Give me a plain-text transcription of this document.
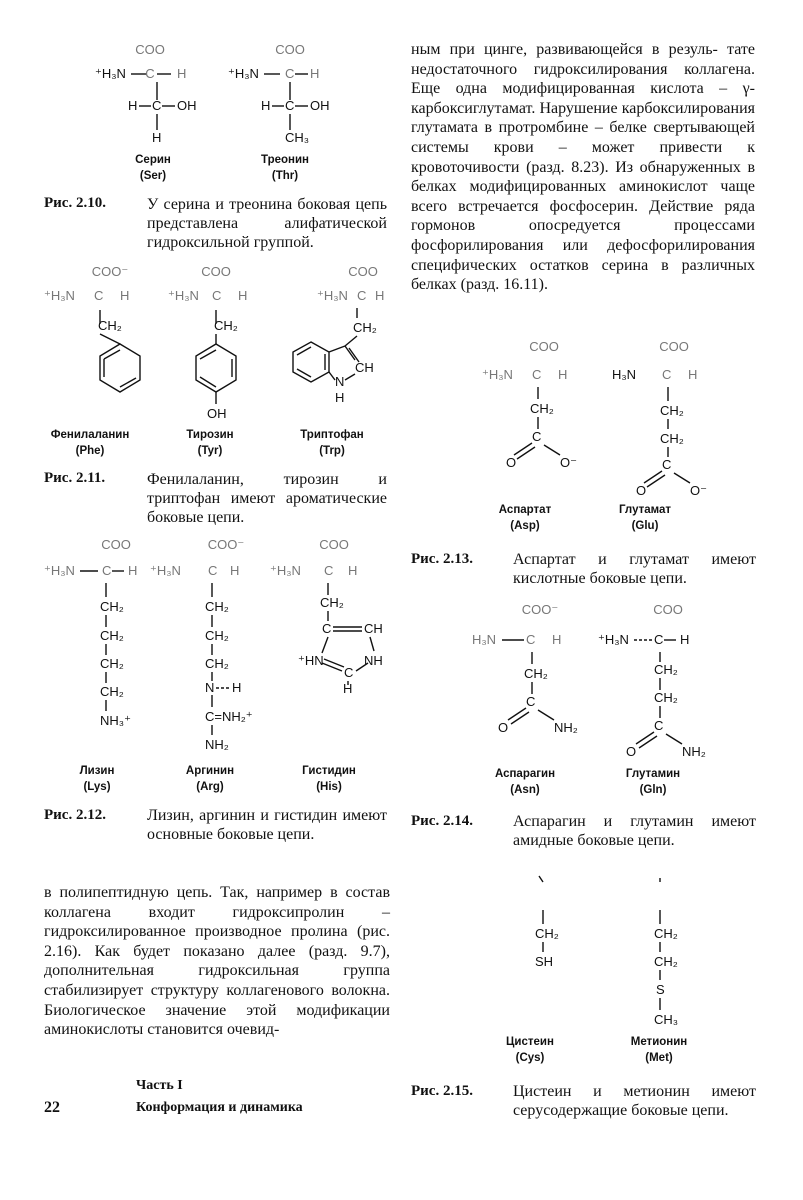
COO
⁺H₃N C H
H C OH
H
COO
⁺H₃N C H
H C OH
CH₃
Серин
(Ser)
Треонин
(Thr)
Рис. 2.10.	У серина и треонина боковая цепь представлена алифатической гидроксильной группой.
COO⁻
⁺H₃N C H
CH₂
COO
⁺H₃N C H
CH₂
OH
COO
⁺H₃N C H
CH₂
CH
N
H
Фенилаланин
(Phe)
Тирозин
(Tyr)
Триптофан
(Trp)
Рис. 2.11.	Фенилаланин, тирозин и триптофан имеют ароматические боковые цепи.
COO
⁺H₃N C H
CH₂
CH₂
CH₂
CH₂
NH₃⁺
COO⁻
⁺H₃N C H
CH₂
CH₂
CH₂
N H
C=NH₂⁺
NH₂
COO
⁺H₃N C H
CH₂
C	CH
⁺HN	NH
C
H
Лизин
(Lys)
Аргинин
(Arg)
Гистидин
(His)
Рис. 2.12.	Лизин, аргинин и гистидин имеют основные боковые цепи.
в полипептидную цепь. Так, например в состав коллагена входит гидроксипролин – гидроксилированное производное пролина (рис. 2.16). Как будет показано далее (разд. 9.7), дополнительная гидроксильная группа стабилизирует структуру коллагенового волокна. Биологическое значение этой модификации аминокислоты становится очевид-
22
Часть I
Конформация и динамика
ным при цинге, развивающейся в резуль- тате недостаточного гидроксилирования коллагена. Еще одна модифицированная кислота – γ-карбоксиглутамат. Нарушение карбоксилирования глутамата в протромбине – белке свертывающей системы крови – может привести к кровоточивости (разд. 8.23). Из обнаруженных в белках модифицированных аминокислот чаще всего встречается фосфосерин. Действие ряда гормонов	опосредуется процессами фосфорилирования или дефосфорилирования специфических остатков серина в различных белках (разд. 16.11).
COO
⁺H₃N C H
CH₂
C
O	O⁻
COO
H₃N C H
CH₂
CH₂
C
O	O⁻
Аспартат
(Asp)
Глутамат
(Glu)
Рис. 2.13.	Аспартат и глутамат имеют кислотные боковые цепи.
COO⁻
H₃N C H
CH₂
C
O	NH₂
COO
⁺H₃N C H
CH₂
CH₂
C
O	NH₂
Аспарагин
(Asn)
Глутамин
(Gln)
Рис. 2.14.	Аспарагин и глутамин имеют амидные боковые цепи.
CH₂
SH
CH₂
CH₂
S
CH₃
Цистеин
(Cys)
Метионин
(Met)
Рис. 2.15.	Цистеин и метионин имеют серусодержащие боковые цепи.
